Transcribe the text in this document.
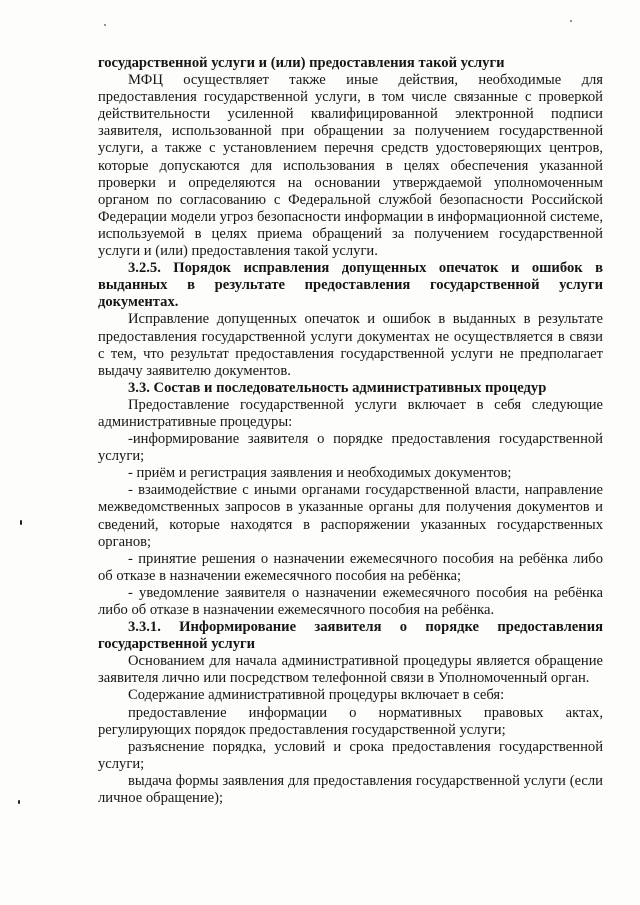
государственной услуги и (или) предоставления такой услуги

МФЦ осуществляет также иные действия, необходимые для предоставления государственной услуги, в том числе связанные с проверкой действительности усиленной квалифицированной электронной подписи заявителя, использованной при обращении за получением государственной услуги, а также с установлением перечня средств удостоверяющих центров, которые допускаются для использования в целях обеспечения указанной проверки и определяются на основании утверждаемой уполномоченным органом по согласованию с Федеральной службой безопасности Российской Федерации модели угроз безопасности информации в информационной системе, используемой в целях приема обращений за получением государственной услуги и (или) предоставления такой услуги.

3.2.5. Порядок исправления допущенных опечаток и ошибок в выданных в результате предоставления государственной услуги документах.

Исправление допущенных опечаток и ошибок в выданных в результате предоставления государственной услуги документах не осуществляется в связи с тем, что результат предоставления государственной услуги не предполагает выдачу заявителю документов.

3.3. Состав и последовательность административных процедур

Предоставление государственной услуги включает в себя следующие административные процедуры:

-информирование заявителя о порядке предоставления государственной услуги;

- приём и регистрация заявления и необходимых документов;

- взаимодействие с иными органами государственной власти, направление межведомственных запросов в указанные органы для получения документов и сведений, которые находятся в распоряжении указанных государственных органов;

- принятие решения о назначении ежемесячного пособия на ребёнка либо об отказе в назначении ежемесячного пособия на ребёнка;

- уведомление заявителя о назначении ежемесячного пособия на ребёнка либо об отказе в назначении ежемесячного пособия на ребёнка.

3.3.1. Информирование заявителя о порядке предоставления государственной услуги

Основанием для начала административной процедуры является обращение заявителя лично или посредством телефонной связи в Уполномоченный орган.

Содержание административной процедуры включает в себя:

предоставление информации о нормативных правовых актах, регулирующих порядок предоставления государственной услуги;

разъяснение порядка, условий и срока предоставления государственной услуги;

выдача формы заявления для предоставления государственной услуги (если личное обращение);
